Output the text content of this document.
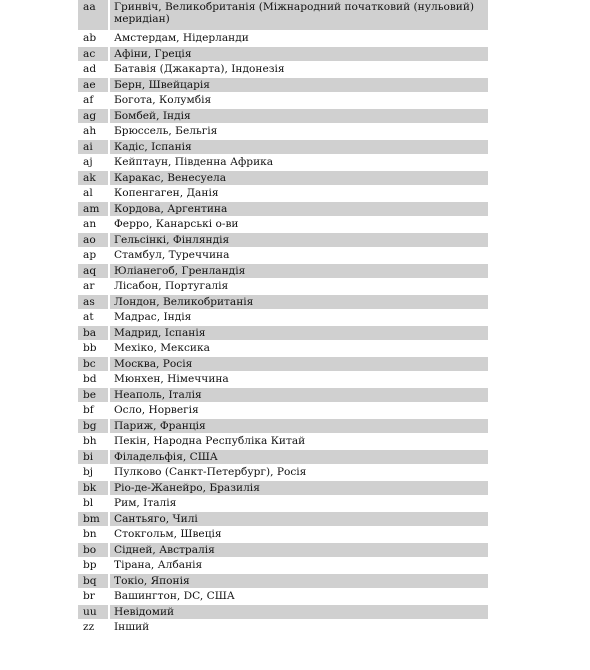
aa	Гринвіч, Великобританія (Міжнародний початковий (нульовий) меридіан)
ab	Амстердам, Нідерланди
ac	Афіни, Греція
ad	Батавія (Джакарта), Індонезія
ae	Берн, Швейцарія
af	Богота, Колумбія
ag	Бомбей, Індія
ah	Брюссель, Бельгія
ai	Кадіс, Іспанія
aj	Кейптаун, Південна Африка
ak	Каракас, Венесуела
al	Копенгаген, Данія
am	Кордова, Аргентина
an	Ферро, Канарські о-ви
ao	Гельсінкі, Фінляндія
ap	Стамбул, Туреччина
aq	Юліанегоб, Гренландія
ar	Лісабон, Португалія
as	Лондон, Великобританія
at	Мадрас, Індія
ba	Мадрид, Іспанія
bb	Мехіко, Мексика
bc	Москва, Росія
bd	Мюнхен, Німеччина
be	Неаполь, Італія
bf	Осло, Норвегія
bg	Париж, Франція
bh	Пекін, Народна Республіка Китай
bi	Філадельфія, США
bj	Пулково (Санкт-Петербург), Росія
bk	Ріо-де-Жанейро, Бразилія
bl	Рим, Італія
bm	Сантьяго, Чилі
bn	Стокгольм, Швеція
bo	Сідней, Австралія
bp	Тірана, Албанія
bq	Токіо, Японія
br	Вашингтон, DC, США
uu	Невідомий
zz	Інший
